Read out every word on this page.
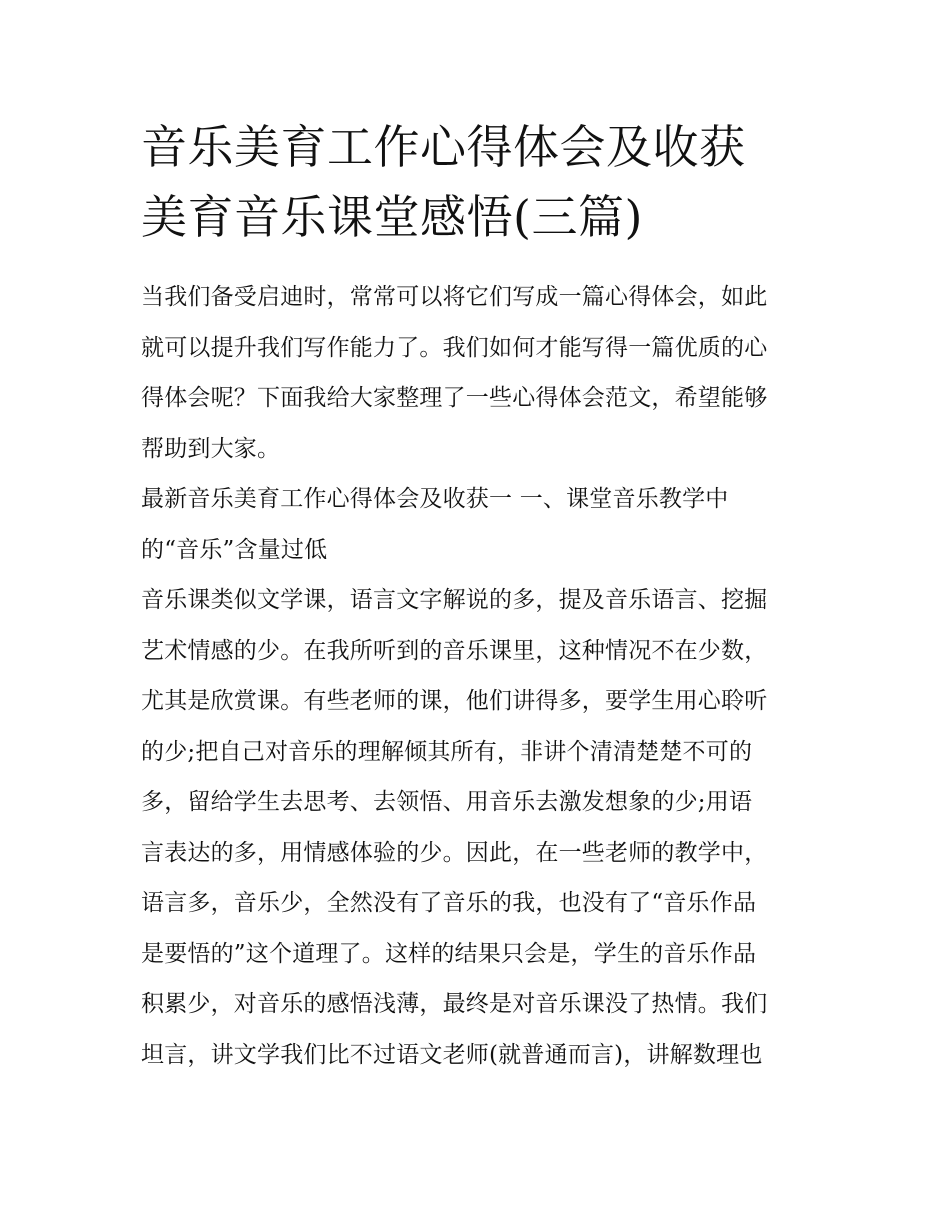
音乐美育工作心得体会及收获
美育音乐课堂感悟(三篇)

当我们备受启迪时，常常可以将它们写成一篇心得体会，如此
就可以提升我们写作能力了。我们如何才能写得一篇优质的心
得体会呢？下面我给大家整理了一些心得体会范文，希望能够
帮助到大家。

最新音乐美育工作心得体会及收获一 一、课堂音乐教学中
的“音乐”含量过低

音乐课类似文学课，语言文字解说的多，提及音乐语言、挖掘
艺术情感的少。在我所听到的音乐课里，这种情况不在少数，
尤其是欣赏课。有些老师的课，他们讲得多，要学生用心聆听
的少;把自己对音乐的理解倾其所有，非讲个清清楚楚不可的
多，留给学生去思考、去领悟、用音乐去激发想象的少;用语
言表达的多，用情感体验的少。因此，在一些老师的教学中，
语言多，音乐少，全然没有了音乐的我，也没有了“音乐作品
是要悟的”这个道理了。这样的结果只会是，学生的音乐作品
积累少，对音乐的感悟浅薄，最终是对音乐课没了热情。我们
坦言，讲文学我们比不过语文老师(就普通而言)，讲解数理也
